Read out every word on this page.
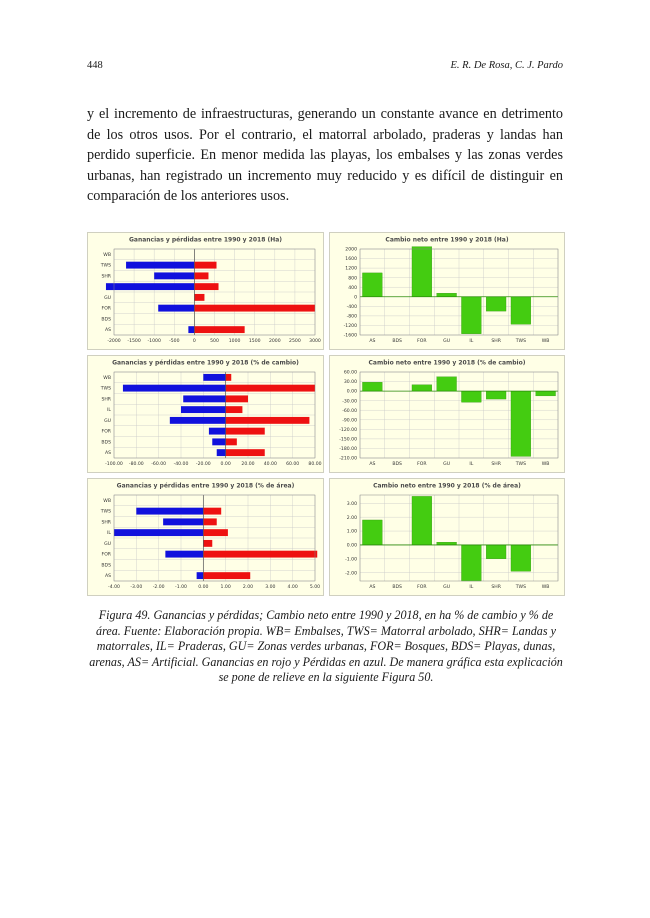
448	E. R. De Rosa, C. J. Pardo

y el incremento de infraestructuras, generando un constante avance en detrimento de los otros usos. Por el contrario, el matorral arbolado, praderas y landas han perdido superficie. En menor medida las playas, los embalses y las zonas verdes urbanas, han registrado un incremento muy reducido y es difícil de distinguir en comparación de los anteriores usos.

Ganancias y pérdidas entre 1990 y 2018 (Ha)
-2000 -1500 -1000 -500	0	500 1000 1500 2000 2500 3000
WB
TWS
SHR
GU
FOR
BDS
AS
Cambio neto entre 1990 y 2018 (Ha)
2000
1600
1200
800
400
0
-400
-800
-1200
-1600
AS	BDS	FOR	GU	IL	SHR	TWS	WB
Ganancias y pérdidas entre 1990 y 2018 (% de cambio)
-100.00 -80.00 -60.00 -40.00 -20.00 0.00 20.00 40.00 60.00 80.00
WB
TWS
SHR
IL
GU
FOR
BDS
AS
Cambio neto entre 1990 y 2018 (% de cambio)
60.00
30.00
0.00
-30.00
-60.00
-90.00
-120.00
-150.00
-180.00
-210.00
AS	BDS	FOR	GU	IL	SHR	TWS	WB
Ganancias y pérdidas entre 1990 y 2018 (% de área)
-4.00 -3.00 -2.00 -1.00 0.00	1.00	2.00	3.00	4.00	5.00
WB
TWS
SHR
IL
GU
FOR
BDS
AS
Cambio neto entre 1990 y 2018 (% de área)
3.00
2.00
1.00
0.00
-1.00
-2.00
AS	BDS	FOR	GU	IL	SHR	TWS	WB

Figura 49. Ganancias y pérdidas; Cambio neto entre 1990 y 2018, en ha % de cambio y % de área. Fuente: Elaboración propia. WB= Embalses, TWS= Matorral arbolado, SHR= Landas y matorrales, IL= Praderas, GU= Zonas verdes urbanas, FOR= Bosques, BDS= Playas, dunas, arenas, AS= Artificial. Ganancias en rojo y Pérdidas en azul. De manera gráfica esta explicación se pone de relieve en la siguiente Figura 50.
